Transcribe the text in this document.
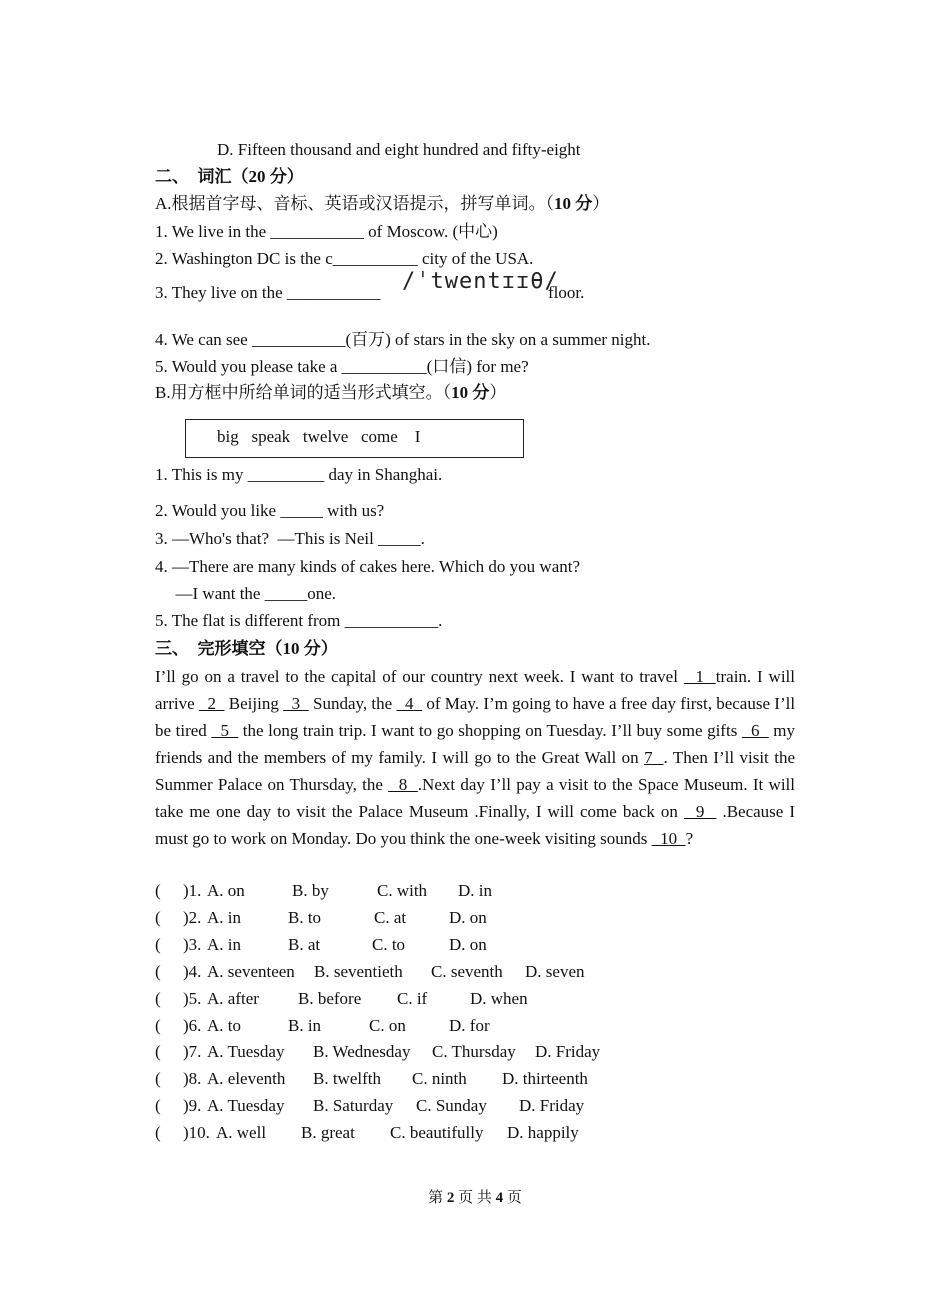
D. Fifteen thousand and eight hundred and fifty-eight
二、 词汇（20 分）
A.根据首字母、音标、英语或汉语提示，拼写单词。（10 分）
1. We live in the ___________ of Moscow. (中心)
2. Washington DC is the c__________ city of the USA.
3. They live on the ___________ /ˈtwentɪɪθ/
floor.
4. We can see ___________(百万) of stars in the sky on a summer night.
5. Would you please take a __________(口信) for me?
B.用方框中所给单词的适当形式填空。（10 分）
big   speak   twelve   come    I
1. This is my _________ day in Shanghai.
2. Would you like _____ with us?
3. —Who's that?  —This is Neil _____.
4. —There are many kinds of cakes here. Which do you want?
—I want the _____one.
5. The flat is different from ___________.
三、 完形填空（10 分）
I’ll go on a travel to the capital of our country next week. I want to travel   1  train. I will arrive   2   Beijing   3   Sunday, the   4   of May. I’m going to have a free day first, because I’ll be tired   5   the long train trip. I want to go shopping on Tuesday. I’ll buy some gifts   6   my friends and the members of my family. I will go to the Great Wall on 7  . Then I’ll visit the Summer Palace on Thursday, the   8  .Next day I’ll pay a visit to the Space Museum. It will take me one day to visit the Palace Museum .Finally, I will come back on   9   .Because I must go to work on Monday. Do you think the one-week visiting sounds   10  ?
( )1. A. on	B. by	C. with D. in
( )2. A. in	B. to	C. at	D. on
( )3. A. in	B. at	C. to	D. on
( )4. A. seventeen B. seventieth C. seventh D. seven
( )5. A. after B. before C. if	D. when
( )6. A. to	B. in	C. on	D. for
( )7. A. Tuesday B. Wednesday C. Thursday D. Friday
( )8. A. eleventh B. twelfth C. ninth D. thirteenth
( )9. A. Tuesday B. Saturday C. Sunday D. Friday
( )10. A. well B. great C. beautifully D. happily
第 2 页 共 4 页
